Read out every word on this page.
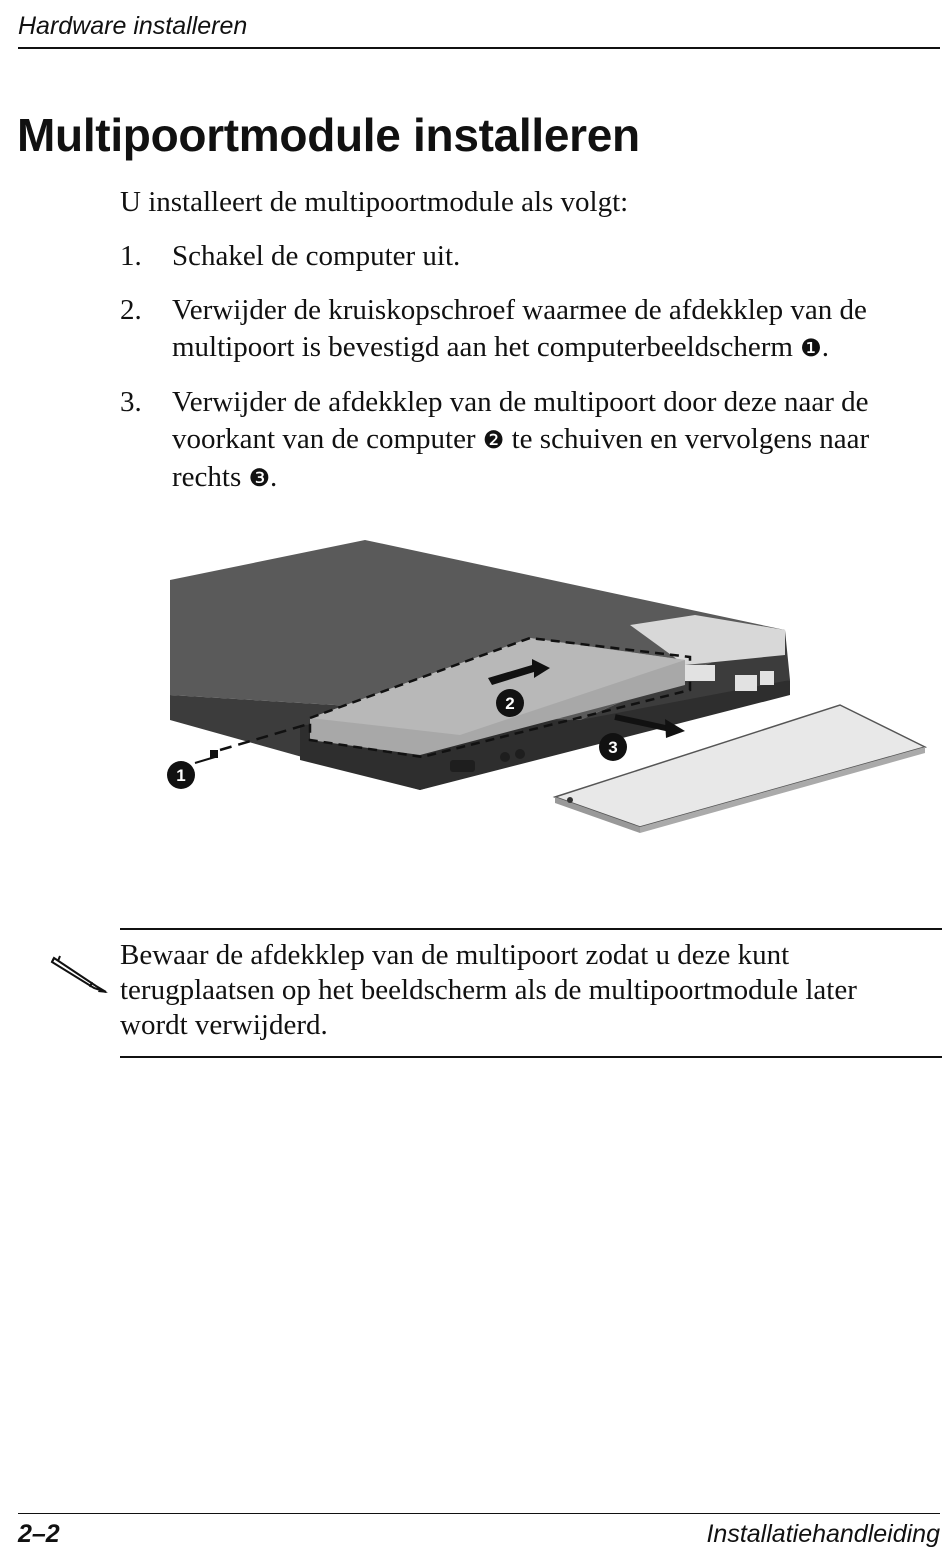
Hardware installeren
Multipoortmodule installeren

U installeert de multipoortmodule als volgt:

1.	Schakel de computer uit.
2.	Verwijder de kruiskopschroef waarmee de afdekklep van de multipoort is bevestigd aan het computerbeeldscherm ❶.
3.	Verwijder de afdekklep van de multipoort door deze naar de voorkant van de computer ❷ te schuiven en vervolgens naar rechts ❸.
1
2
3

Bewaar de afdekklep van de multipoort zodat u deze kunt terugplaatsen op het beeldscherm als de multipoortmodule later wordt verwijderd.

2–2	Installatiehandleiding
